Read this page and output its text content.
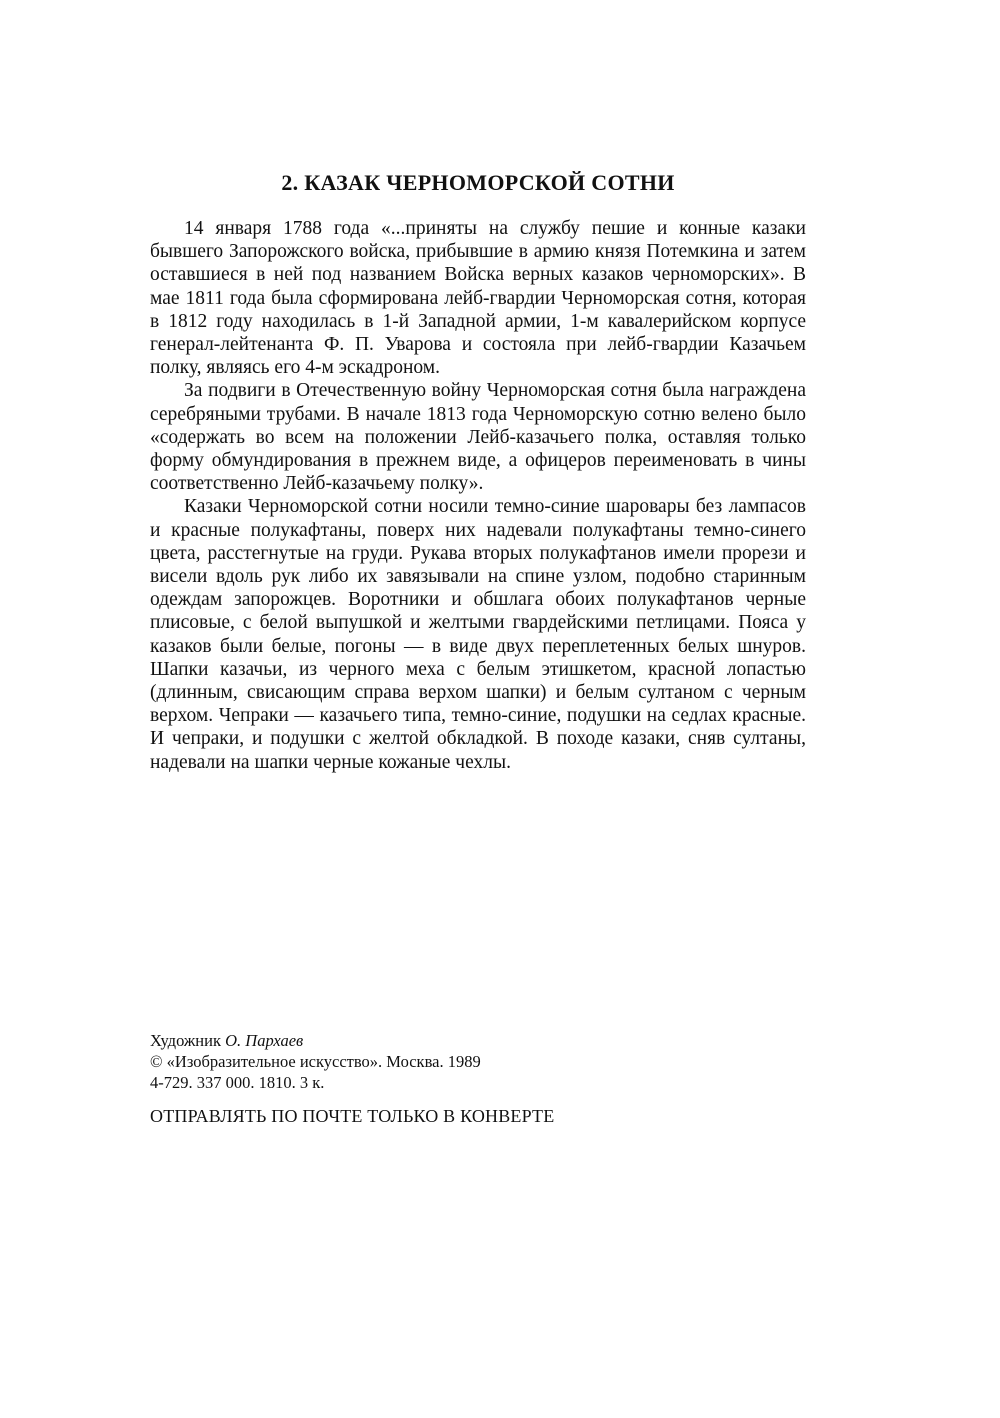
2. КАЗАК ЧЕРНОМОРСКОЙ СОТНИ

14 января 1788 года «...приняты на службу пешие и конные казаки бывшего Запорожского войска, прибывшие в армию князя Потемкина и затем оставшиеся в ней под названием Войска верных казаков черноморских». В мае 1811 года была сформирована лейб-гвардии Черноморская сотня, которая в 1812 году находилась в 1-й Западной армии, 1-м кавалерийском корпусе генерал-лейтенанта Ф. П. Уварова и состояла при лейб-гвардии Казачьем полку, являясь его 4-м эскадроном.

За подвиги в Отечественную войну Черноморская сотня была награждена серебряными трубами. В начале 1813 года Черноморскую сотню велено было «содержать во всем на положении Лейб-казачьего полка, оставляя только форму обмундирования в прежнем виде, а офицеров переименовать в чины соответственно Лейб-казачьему полку».

Казаки Черноморской сотни носили темно-синие шаровары без лампасов и красные полукафтаны, поверх них надевали полукафтаны темно-синего цвета, расстегнутые на груди. Рукава вторых полукафтанов имели прорези и висели вдоль рук либо их завязывали на спине узлом, подобно старинным одеждам запорожцев. Воротники и обшлага обоих полукафтанов черные плисовые, с белой выпушкой и желтыми гвардейскими петлицами. Пояса у казаков были белые, погоны — в виде двух переплетенных белых шнуров. Шапки казачьи, из черного меха с белым этишкетом, красной лопастью (длинным, свисающим справа верхом шапки) и белым султаном с черным верхом. Чепраки — казачьего типа, темно-синие, подушки на седлах красные. И чепраки, и подушки с желтой обкладкой. В походе казаки, сняв султаны, надевали на шапки черные кожаные чехлы.

Художник О. Пархаев
© «Изобразительное искусство». Москва. 1989
4-729. 337 000. 1810. 3 к.
ОТПРАВЛЯТЬ ПО ПОЧТЕ ТОЛЬКО В КОНВЕРТЕ
